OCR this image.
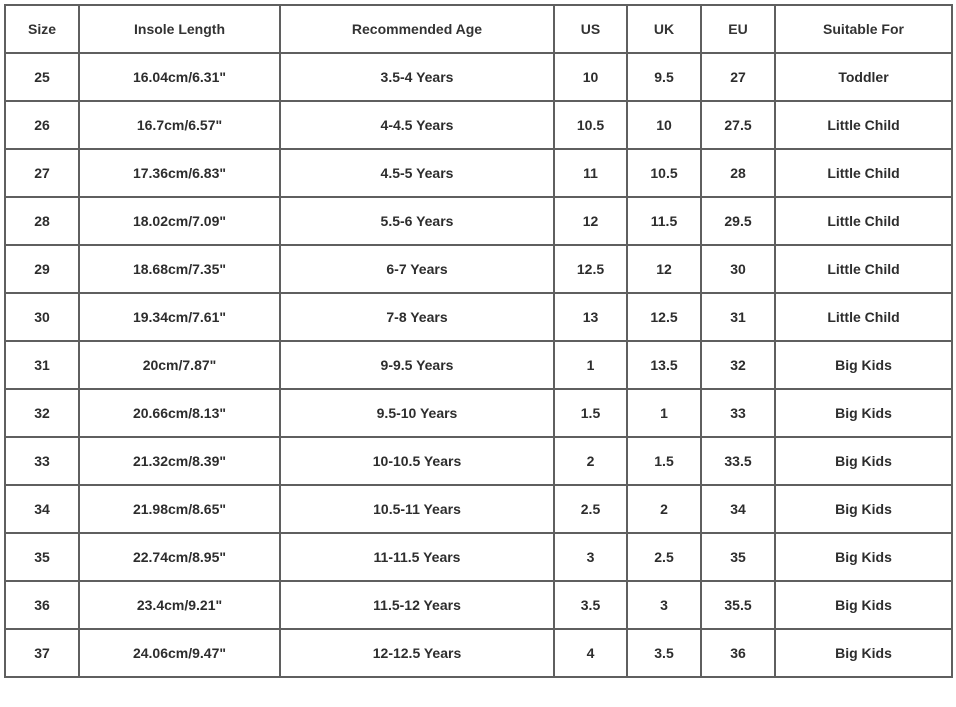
Size	Insole Length	Recommended Age	US	UK	EU	Suitable For
25	16.04cm/6.31"	3.5-4 Years	10	9.5	27	Toddler
26	16.7cm/6.57"	4-4.5 Years	10.5	10	27.5	Little Child
27	17.36cm/6.83"	4.5-5 Years	11	10.5	28	Little Child
28	18.02cm/7.09"	5.5-6 Years	12	11.5	29.5	Little Child
29	18.68cm/7.35"	6-7 Years	12.5	12	30	Little Child
30	19.34cm/7.61"	7-8 Years	13	12.5	31	Little Child
31	20cm/7.87"	9-9.5 Years	1	13.5	32	Big Kids
32	20.66cm/8.13"	9.5-10 Years	1.5	1	33	Big Kids
33	21.32cm/8.39"	10-10.5 Years	2	1.5	33.5	Big Kids
34	21.98cm/8.65"	10.5-11 Years	2.5	2	34	Big Kids
35	22.74cm/8.95"	11-11.5 Years	3	2.5	35	Big Kids
36	23.4cm/9.21"	11.5-12 Years	3.5	3	35.5	Big Kids
37	24.06cm/9.47"	12-12.5 Years	4	3.5	36	Big Kids
